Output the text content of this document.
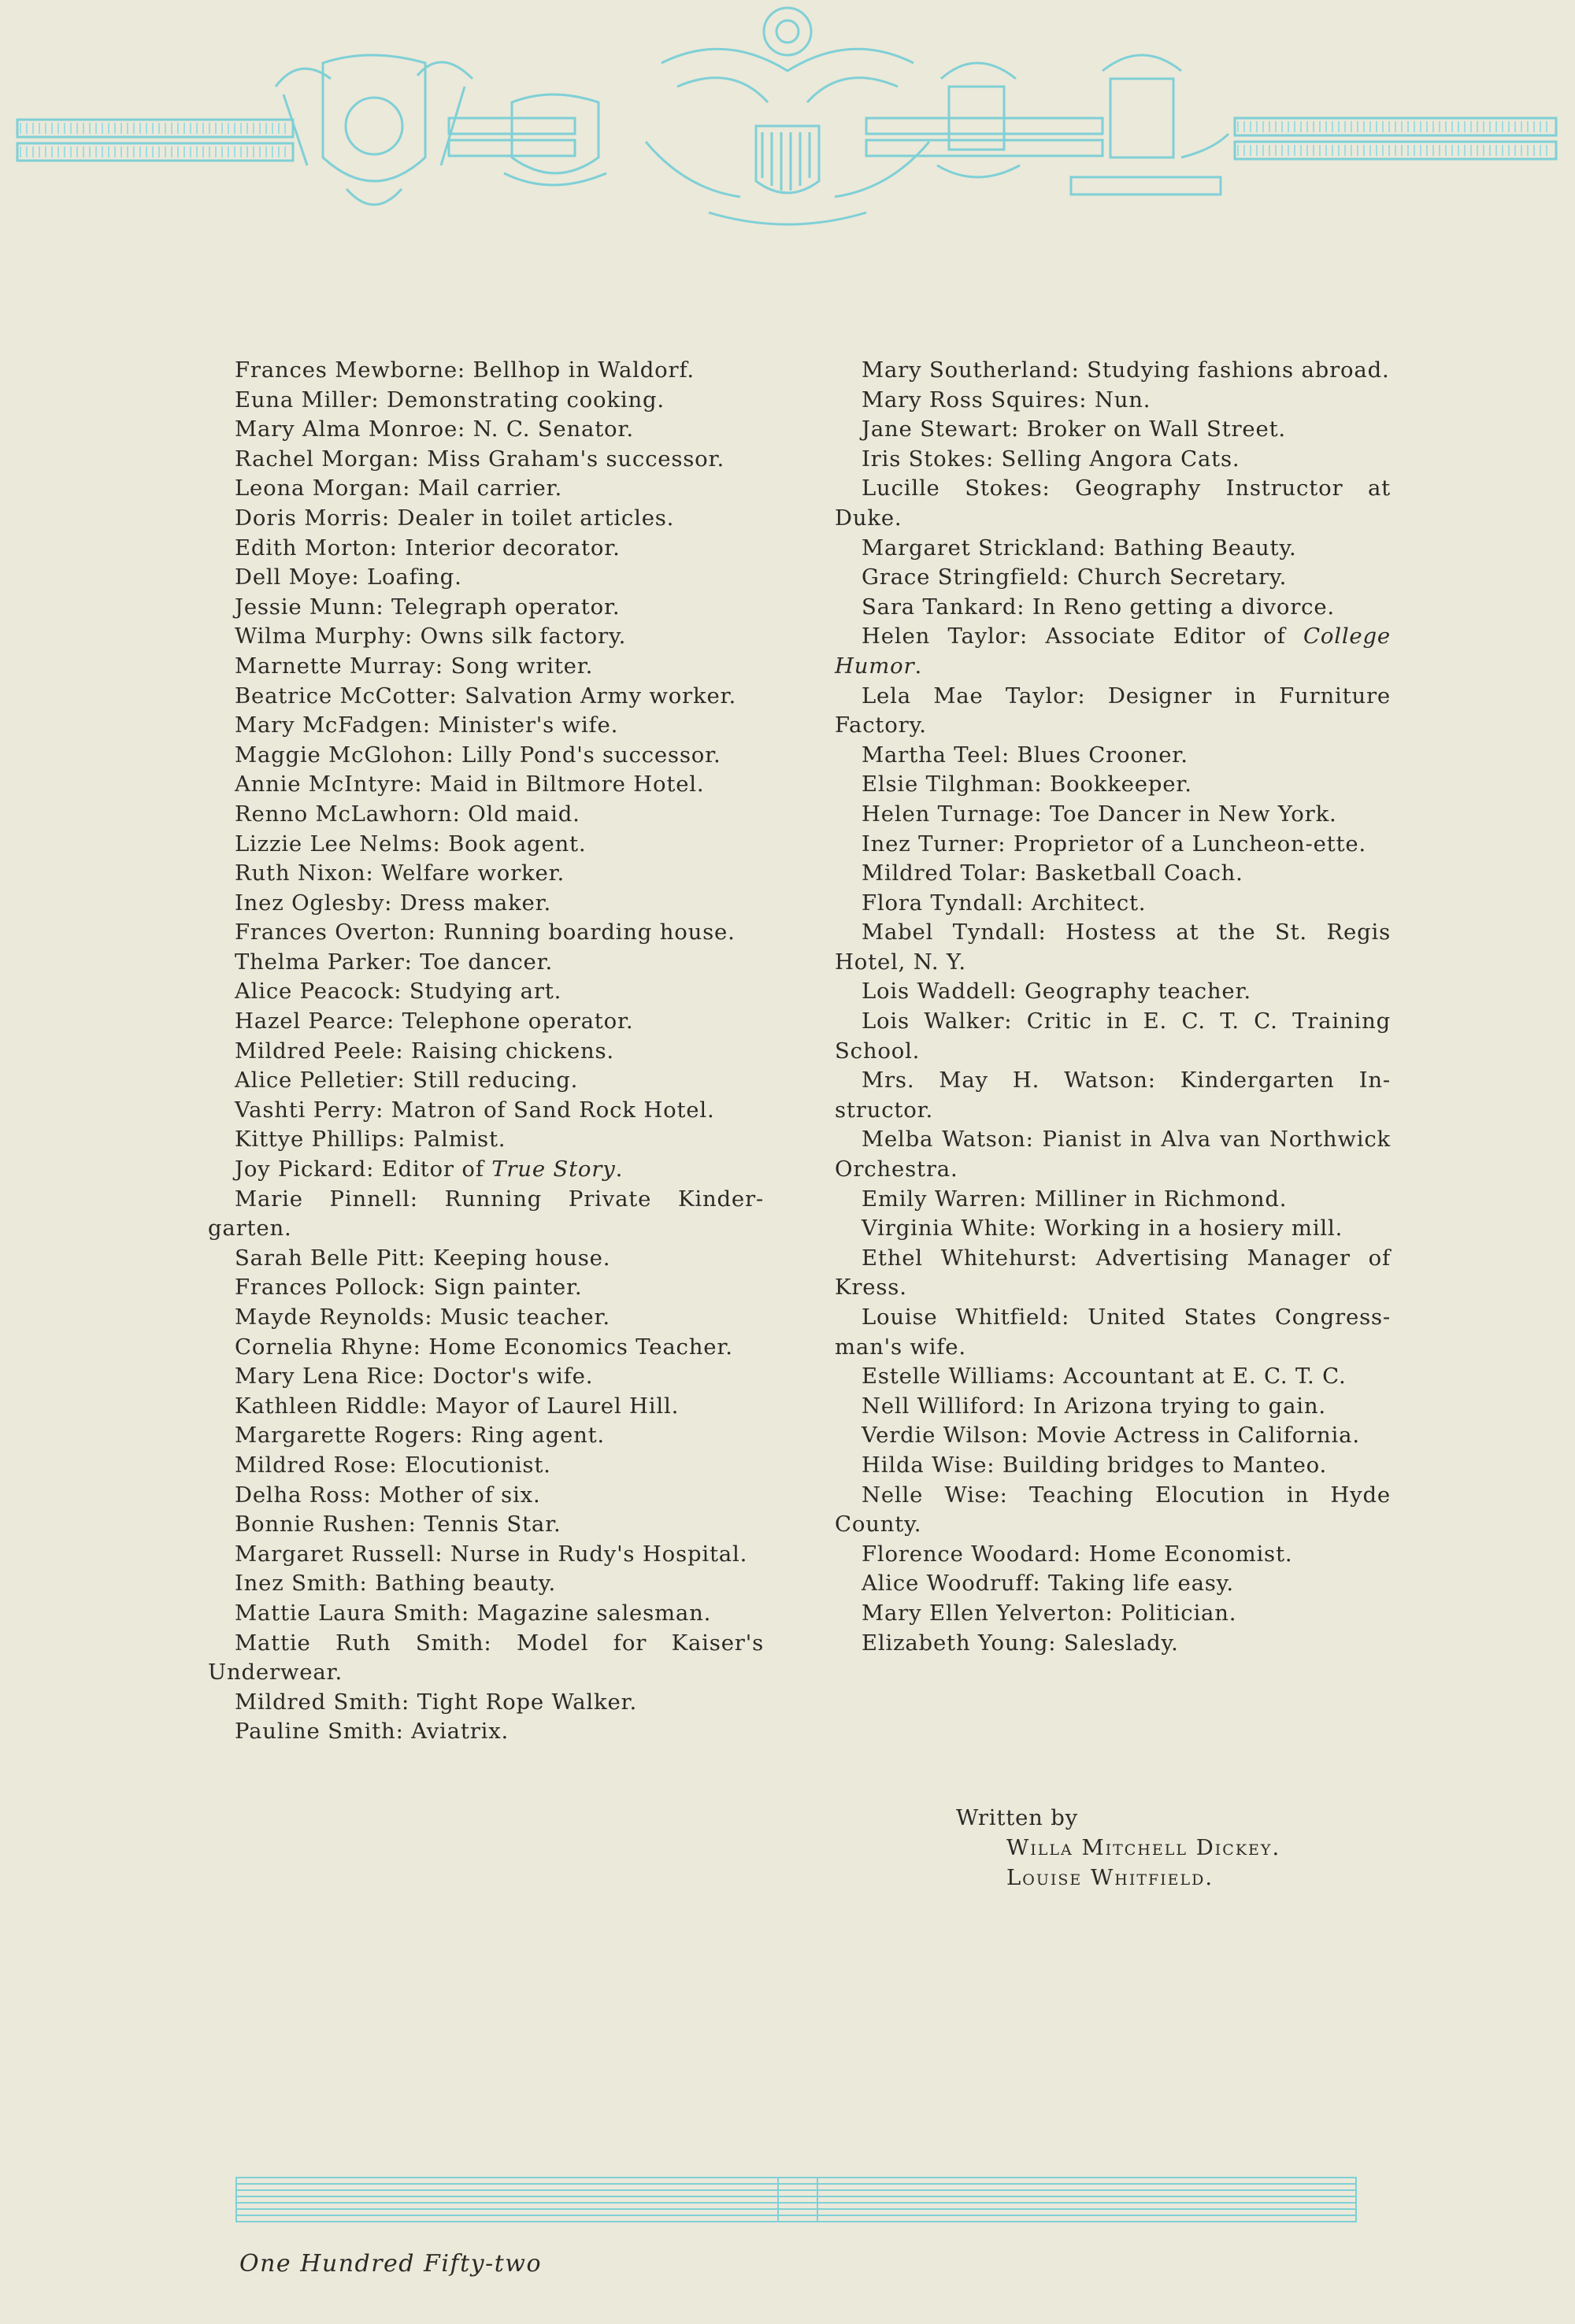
Frances Mewborne: Bellhop in Waldorf.

Euna Miller: Demonstrating cooking.

Mary Alma Monroe: N. C. Senator.

Rachel Morgan: Miss Graham's successor.

Leona Morgan: Mail carrier.

Doris Morris: Dealer in toilet articles.

Edith Morton: Interior decorator.

Dell Moye: Loafing.

Jessie Munn: Telegraph operator.

Wilma Murphy: Owns silk factory.

Marnette Murray: Song writer.

Beatrice McCotter: Salvation Army worker.

Mary McFadgen: Minister's wife.

Maggie McGlohon: Lilly Pond's successor.

Annie McIntyre: Maid in Biltmore Hotel.

Renno McLawhorn: Old maid.

Lizzie Lee Nelms: Book agent.

Ruth Nixon: Welfare worker.

Inez Oglesby: Dress maker.

Frances Overton: Running boarding house.

Thelma Parker: Toe dancer.

Alice Peacock: Studying art.

Hazel Pearce: Telephone operator.

Mildred Peele: Raising chickens.

Alice Pelletier: Still reducing.

Vashti Perry: Matron of Sand Rock Hotel.

Kittye Phillips: Palmist.

Joy Pickard: Editor of True Story.

Marie Pinnell: Running Private Kinder-garten.

Sarah Belle Pitt: Keeping house.

Frances Pollock: Sign painter.

Mayde Reynolds: Music teacher.

Cornelia Rhyne: Home Economics Teacher.

Mary Lena Rice: Doctor's wife.

Kathleen Riddle: Mayor of Laurel Hill.

Margarette Rogers: Ring agent.

Mildred Rose: Elocutionist.

Delha Ross: Mother of six.

Bonnie Rushen: Tennis Star.

Margaret Russell: Nurse in Rudy's Hospital.

Inez Smith: Bathing beauty.

Mattie Laura Smith: Magazine salesman.

Mattie Ruth Smith: Model for Kaiser's Underwear.

Mildred Smith: Tight Rope Walker.

Pauline Smith: Aviatrix.

Mary Southerland: Studying fashions abroad.

Mary Ross Squires: Nun.

Jane Stewart: Broker on Wall Street.

Iris Stokes: Selling Angora Cats.

Lucille Stokes: Geography Instructor at Duke.

Margaret Strickland: Bathing Beauty.

Grace Stringfield: Church Secretary.

Sara Tankard: In Reno getting a divorce.

Helen Taylor: Associate Editor of College Humor.

Lela Mae Taylor: Designer in Furniture Factory.

Martha Teel: Blues Crooner.

Elsie Tilghman: Bookkeeper.

Helen Turnage: Toe Dancer in New York.

Inez Turner: Proprietor of a Luncheon-ette.

Mildred Tolar: Basketball Coach.

Flora Tyndall: Architect.

Mabel Tyndall: Hostess at the St. Regis Hotel, N. Y.

Lois Waddell: Geography teacher.

Lois Walker: Critic in E. C. T. C. Training School.

Mrs. May H. Watson: Kindergarten In-structor.

Melba Watson: Pianist in Alva van Northwick Orchestra.

Emily Warren: Milliner in Richmond.

Virginia White: Working in a hosiery mill.

Ethel Whitehurst: Advertising Manager of Kress.

Louise Whitfield: United States Congress-man's wife.

Estelle Williams: Accountant at E. C. T. C.

Nell Williford: In Arizona trying to gain.

Verdie Wilson: Movie Actress in California.

Hilda Wise: Building bridges to Manteo.

Nelle Wise: Teaching Elocution in Hyde County.

Florence Woodard: Home Economist.

Alice Woodruff: Taking life easy.

Mary Ellen Yelverton: Politician.

Elizabeth Young: Saleslady.

Written by
Willa Mitchell Dickey.
Louise Whitfield.
One Hundred Fifty-two
